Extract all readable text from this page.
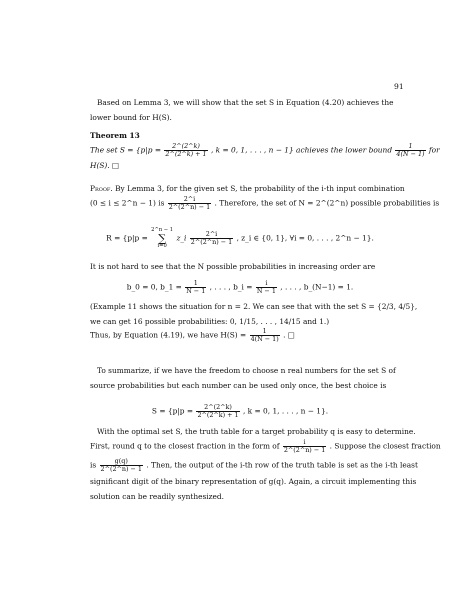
91
Based on Lemma 3, we will show that the set S in Equation (4.20) achieves the
lower bound for H(S).
Theorem 13
The set $S = \{p|p = \frac{2\^{}(2\^{}k)}{2\^{}(2\^{}k) + 1}$ , k = 0, 1, . . . , n − 1} achieves the lower bound $\frac{1}{4(N - 1)}$ for
H(S). □
Proof. By Lemma 3, for the given set S, the probability of the i-th input combination
(0 ≤ i ≤ 2^n − 1) is $\frac{2\^{}i}{2\^{}(2\^{}n) - 1}$ . Therefore, the set of N = 2^(2^n) possible probabilities is
R = {p|p =
2^n − 1
∑
i=0
z_i $\frac{2\^{}i}{2\^{}(2\^{}n) - 1}$ , z_i ∈ {0, 1}, ∀i = 0, . . . , 2^n − 1}.
It is not hard to see that the N possible probabilities in increasing order are
b_0 = 0, b_1 = $\frac{1}{N - 1}$ , . . . , b_i = $\frac{i}{N - 1}$ , . . . , b_(N−1) = 1.
(Example 11 shows the situation for n = 2. We can see that with the set S = {2/3, 4/5},
we can get 16 possible probabilities: 0, 1/15, . . . , 14/15 and 1.)
Thus, by Equation (4.19), we have $H(S) = \frac{1}{4(N - 1)}$ . □
To summarize, if we have the freedom to choose n real numbers for the set S of
source probabilities but each number can be used only once, the best choice is
$S = \{p|p = \frac{2\^{}(2\^{}k)}{2\^{}(2\^{}k) + 1}$ , k = 0, 1, . . . , n − 1}.
With the optimal set S, the truth table for a target probability q is easy to determine.
First, round q to the closest fraction in the form of $\frac{i}{2\^{}(2\^{}n) - 1}$ . Suppose the closest fraction
is $\frac{g(q)}{2\^{}(2\^{}n) - 1}$ . Then, the output of the i-th row of the truth table is set as the i-th least
significant digit of the binary representation of g(q). Again, a circuit implementing this
solution can be readily synthesized.
